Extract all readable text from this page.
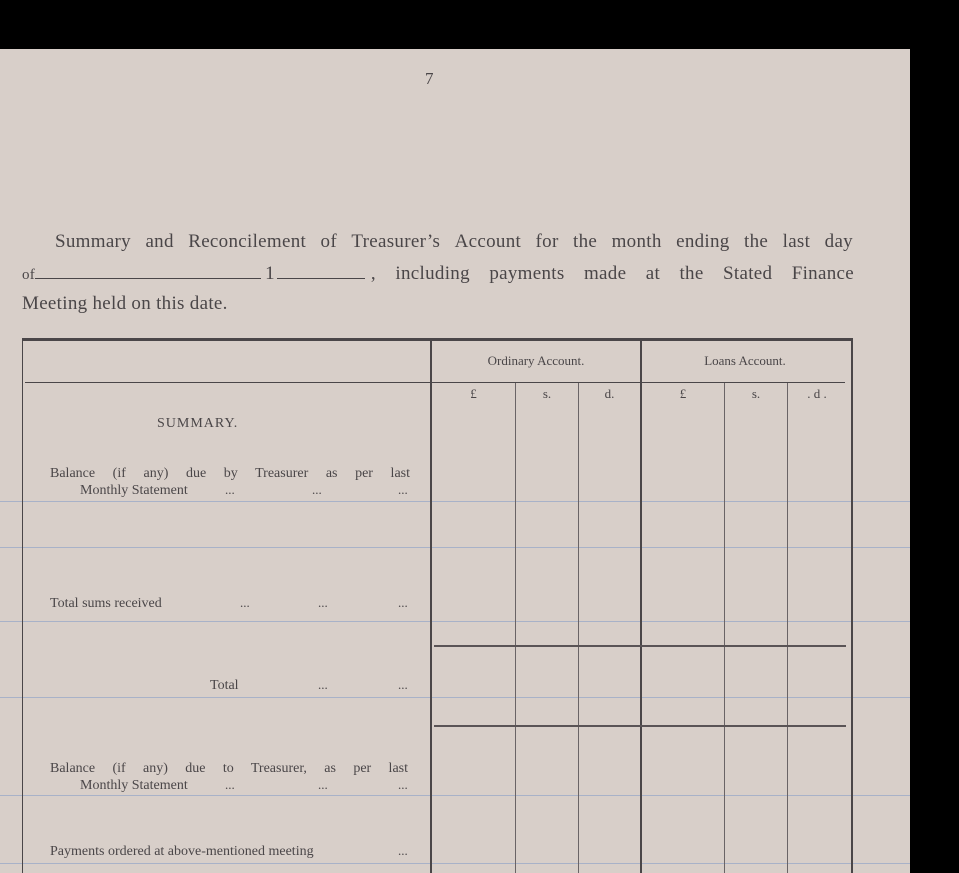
7
Summary and Reconcilement of Treasurer’s Account for the month ending the last day
of	1	, including payments made at the Stated Finance
Meeting held on this date.
Ordinary Account.	Loans Account.
£	s.	d.	£	s.	. d .
SUMMARY.
Balance (if any) due by Treasurer as per last
Monthly Statement	...	...	...
Total sums received	...	...	...
Total	...	...
Balance (if any) due to Treasurer, as per last
Monthly Statement	...	...	...
Payments ordered at above-mentioned meeting	...
